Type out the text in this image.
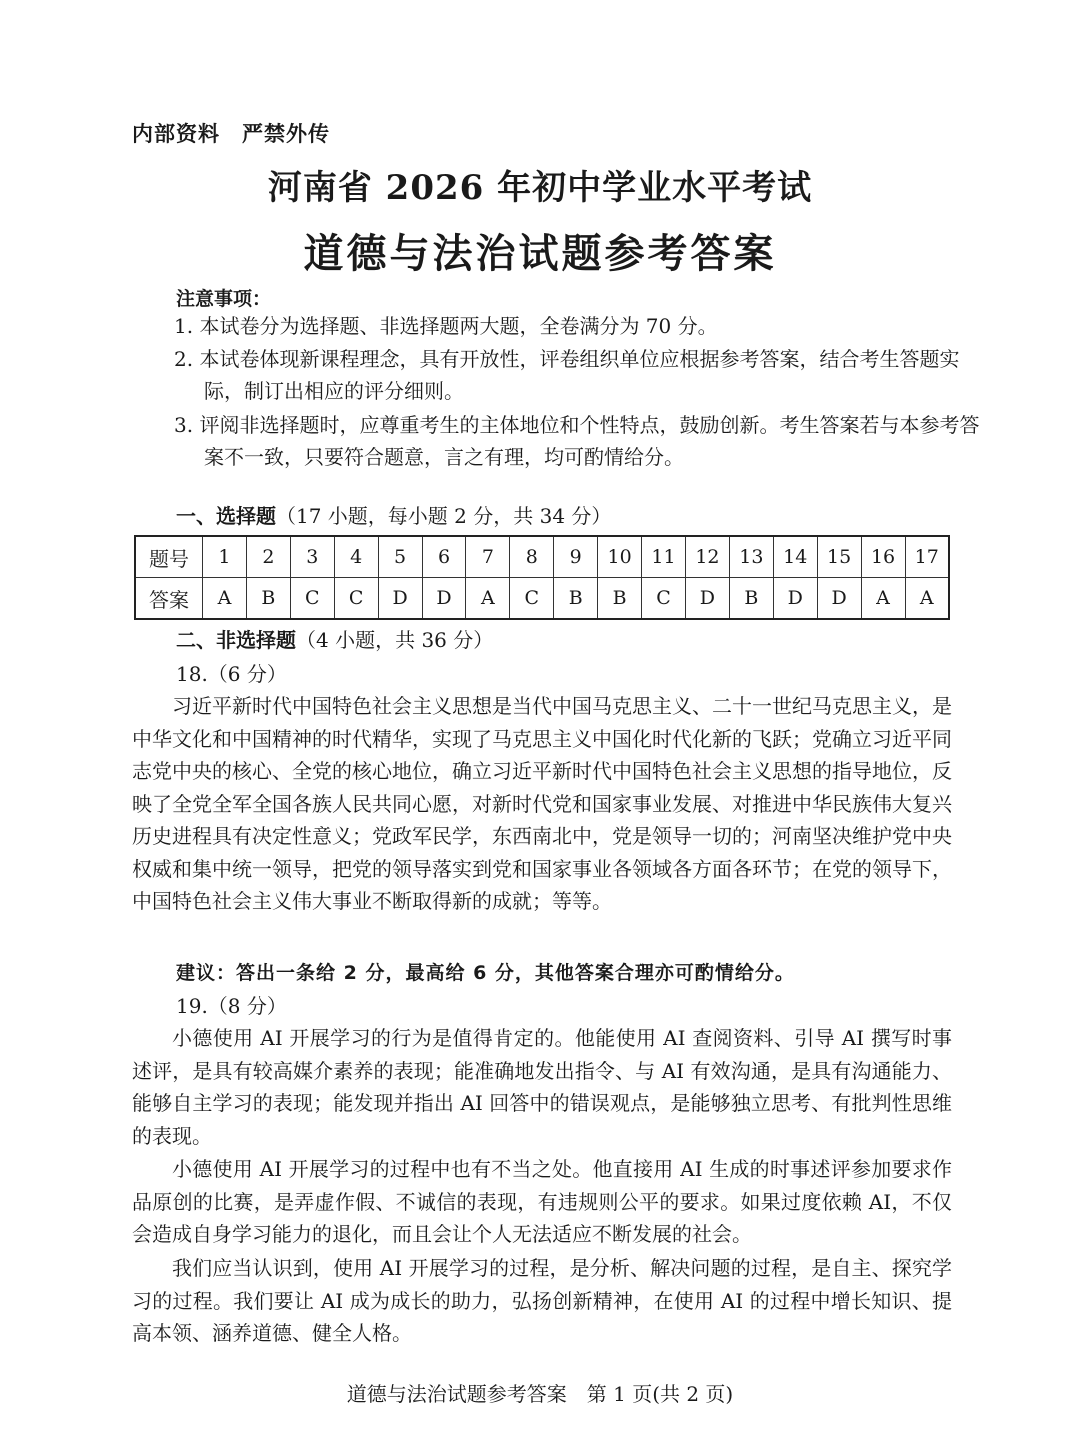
内部资料　严禁外传
河南省 2026 年初中学业水平考试
道德与法治试题参考答案
注意事项：
1. 本试卷分为选择题、非选择题两大题，全卷满分为 70 分。
2. 本试卷体现新课程理念，具有开放性，评卷组织单位应根据参考答案，结合考生答题实际，制订出相应的评分细则。
3. 评阅非选择题时，应尊重考生的主体地位和个性特点，鼓励创新。考生答案若与本参考答案不一致，只要符合题意，言之有理，均可酌情给分。
一、选择题（17 小题，每小题 2 分，共 34 分）
题号	1	2	3	4	5	6	7	8	9	10	11	12	13	14	15	16	17
答案	A	B	C	C	D	D	A	C	B	B	C	D	B	D	D	A	A
二、非选择题（4 小题，共 36 分）
18.（6 分）
习近平新时代中国特色社会主义思想是当代中国马克思主义、二十一世纪马克思主义，是中华文化和中国精神的时代精华，实现了马克思主义中国化时代化新的飞跃；党确立习近平同志党中央的核心、全党的核心地位，确立习近平新时代中国特色社会主义思想的指导地位，反映了全党全军全国各族人民共同心愿，对新时代党和国家事业发展、对推进中华民族伟大复兴历史进程具有决定性意义；党政军民学，东西南北中，党是领导一切的；河南坚决维护党中央权威和集中统一领导，把党的领导落实到党和国家事业各领域各方面各环节；在党的领导下，中国特色社会主义伟大事业不断取得新的成就；等等。
建议：答出一条给 2 分，最高给 6 分，其他答案合理亦可酌情给分。
19.（8 分）
小德使用 AI 开展学习的行为是值得肯定的。他能使用 AI 查阅资料、引导 AI 撰写时事述评，是具有较高媒介素养的表现；能准确地发出指令、与 AI 有效沟通，是具有沟通能力、能够自主学习的表现；能发现并指出 AI 回答中的错误观点，是能够独立思考、有批判性思维的表现。
小德使用 AI 开展学习的过程中也有不当之处。他直接用 AI 生成的时事述评参加要求作品原创的比赛，是弄虚作假、不诚信的表现，有违规则公平的要求。如果过度依赖 AI，不仅会造成自身学习能力的退化，而且会让个人无法适应不断发展的社会。
我们应当认识到，使用 AI 开展学习的过程，是分析、解决问题的过程，是自主、探究学习的过程。我们要让 AI 成为成长的助力，弘扬创新精神，在使用 AI 的过程中增长知识、提高本领、涵养道德、健全人格。
道德与法治试题参考答案　第 1 页(共 2 页)
